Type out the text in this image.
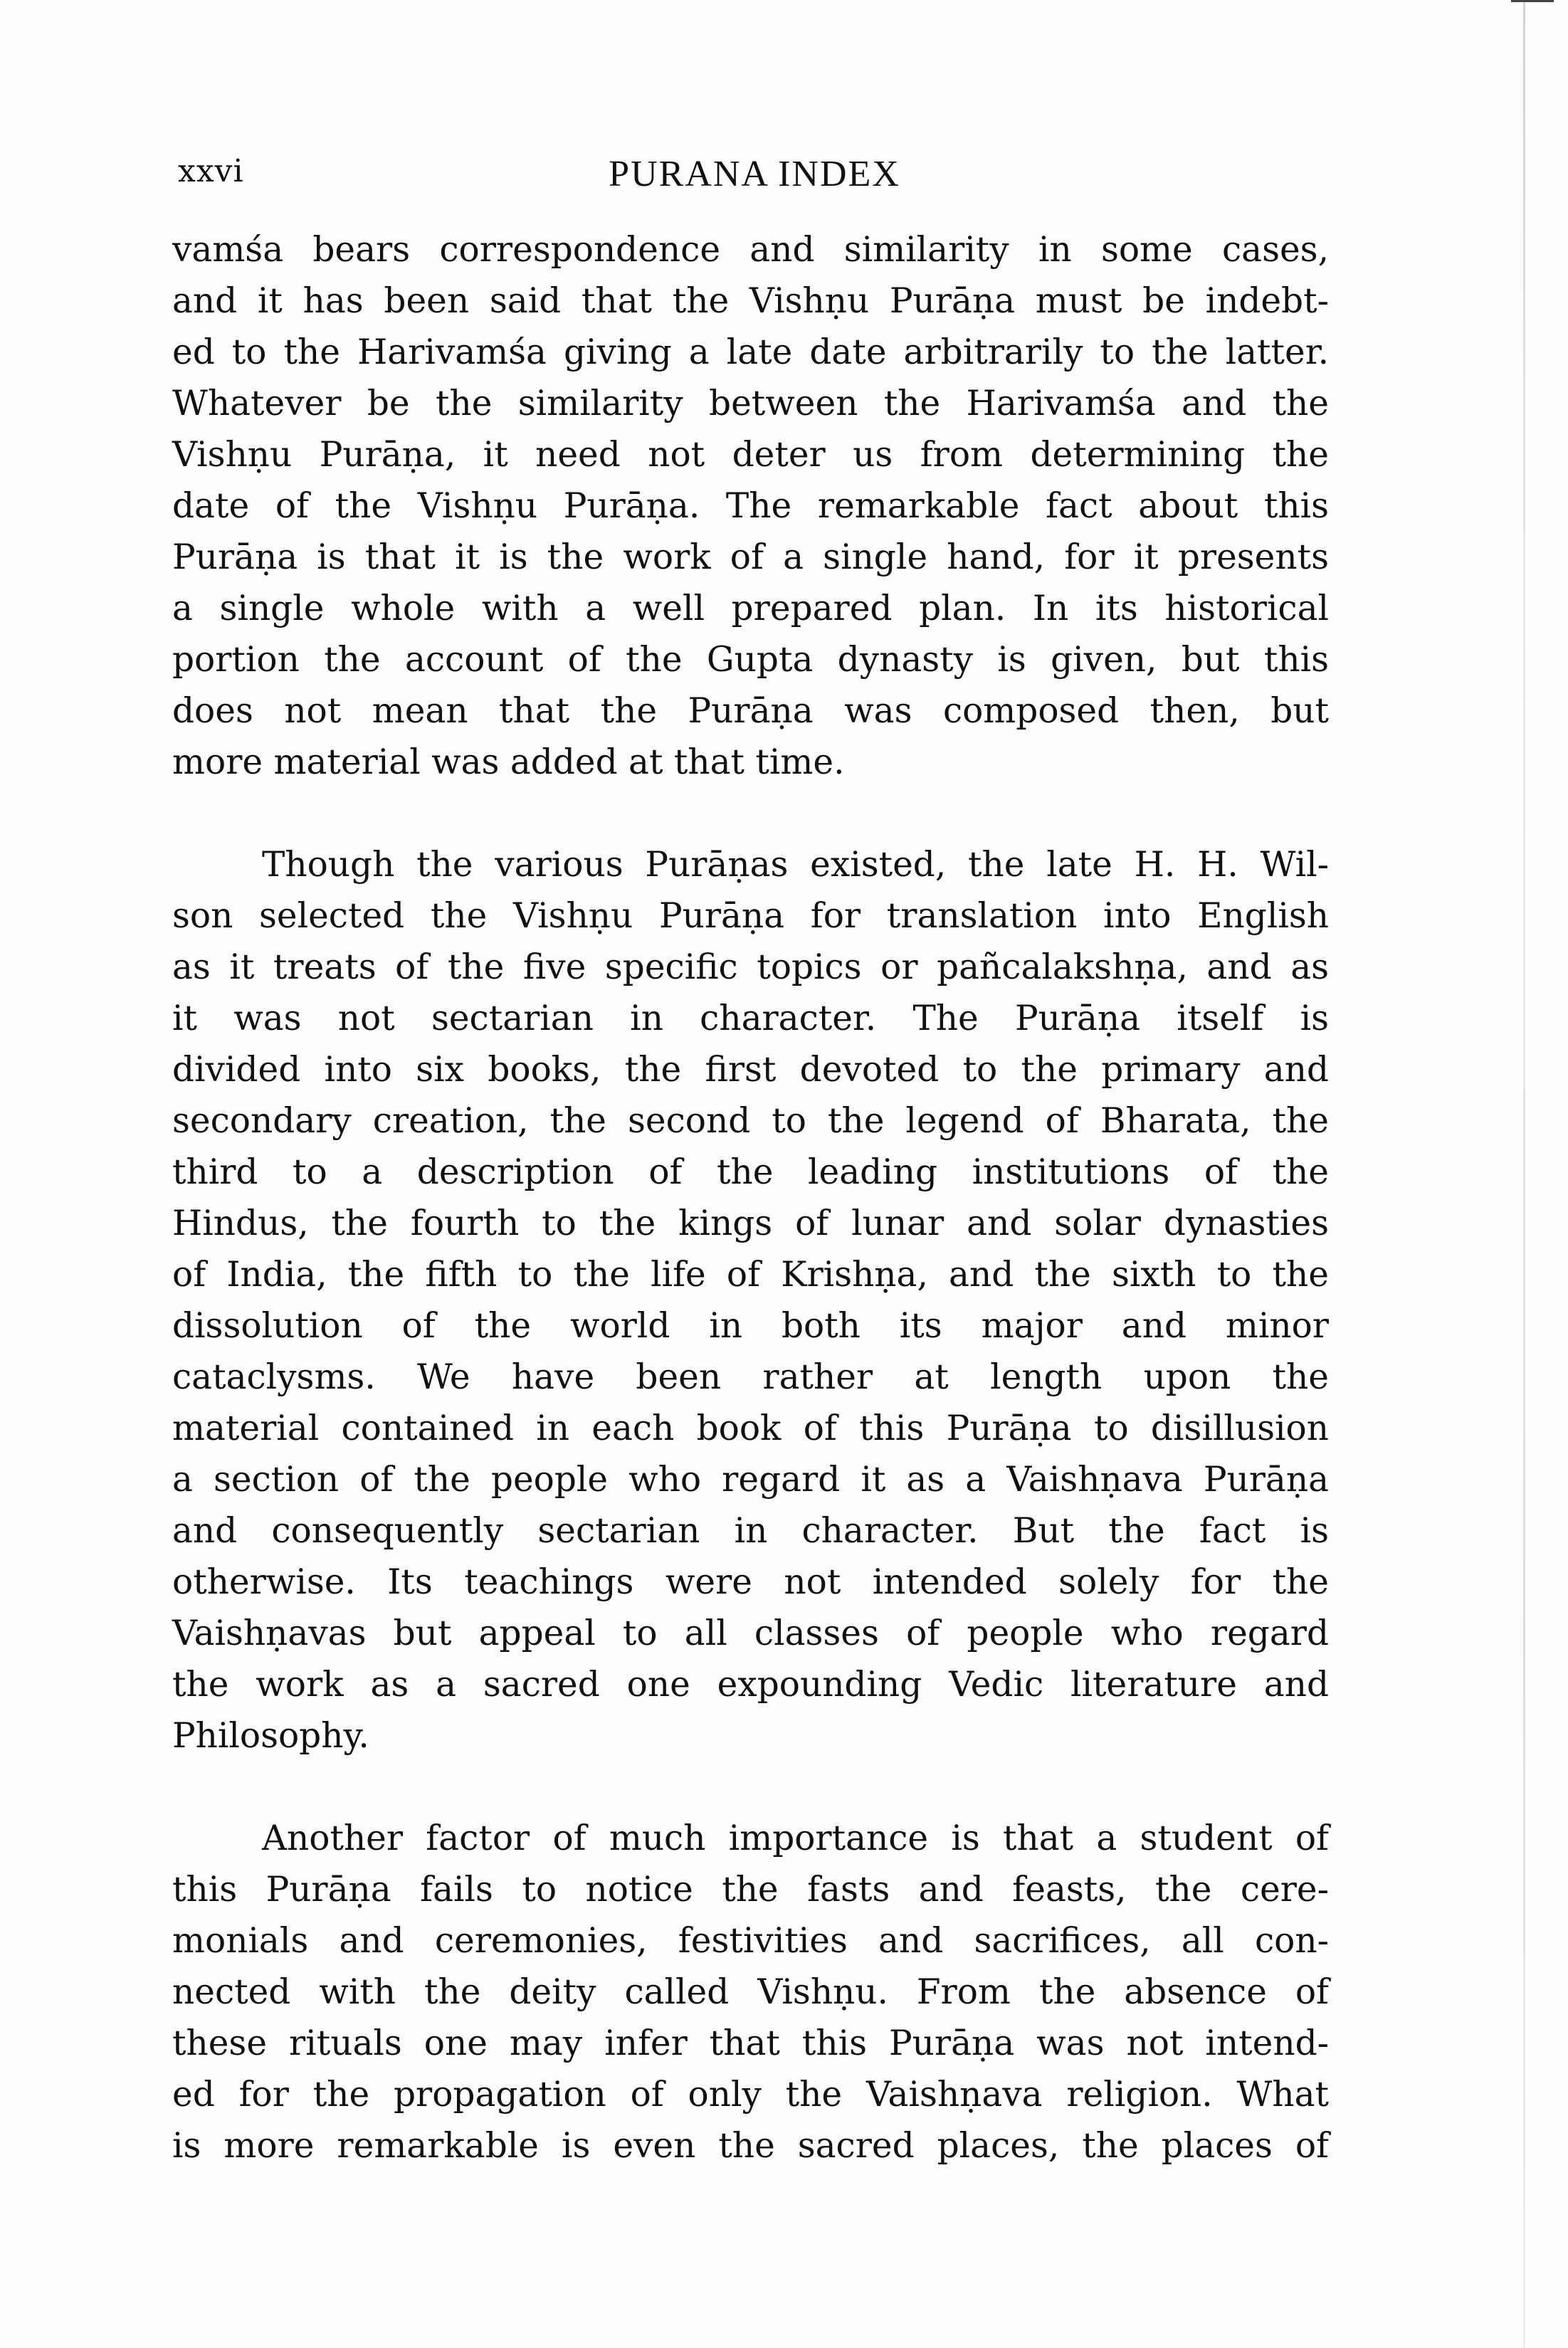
xxvi	PURANA INDEX
vamśa bears correspondence and similarity in some cases,
and it has been said that the Vishṇu Purāṇa must be indebt-
ed to the Harivamśa giving a late date arbitrarily to the latter.
Whatever be the similarity between the Harivamśa and the
Vishṇu Purāṇa, it need not deter us from determining the
date of the Vishṇu Purāṇa. The remarkable fact about this
Purāṇa is that it is the work of a single hand, for it presents
a single whole with a well prepared plan. In its historical
portion the account of the Gupta dynasty is given, but this
does not mean that the Purāṇa was composed then, but
more material was added at that time.
Though the various Purāṇas existed, the late H. H. Wil-
son selected the Vishṇu Purāṇa for translation into English
as it treats of the five specific topics or pañcalakshṇa, and as
it was not sectarian in character. The Purāṇa itself is
divided into six books, the first devoted to the primary and
secondary creation, the second to the legend of Bharata, the
third to a description of the leading institutions of the
Hindus, the fourth to the kings of lunar and solar dynasties
of India, the fifth to the life of Krishṇa, and the sixth to the
dissolution of the world in both its major and minor
cataclysms. We have been rather at length upon the
material contained in each book of this Purāṇa to disillusion
a section of the people who regard it as a Vaishṇava Purāṇa
and consequently sectarian in character. But the fact is
otherwise. Its teachings were not intended solely for the
Vaishṇavas but appeal to all classes of people who regard
the work as a sacred one expounding Vedic literature and
Philosophy.
Another factor of much importance is that a student of
this Purāṇa fails to notice the fasts and feasts, the cere-
monials and ceremonies, festivities and sacrifices, all con-
nected with the deity called Vishṇu. From the absence of
these rituals one may infer that this Purāṇa was not intend-
ed for the propagation of only the Vaishṇava religion. What
is more remarkable is even the sacred places, the places of
